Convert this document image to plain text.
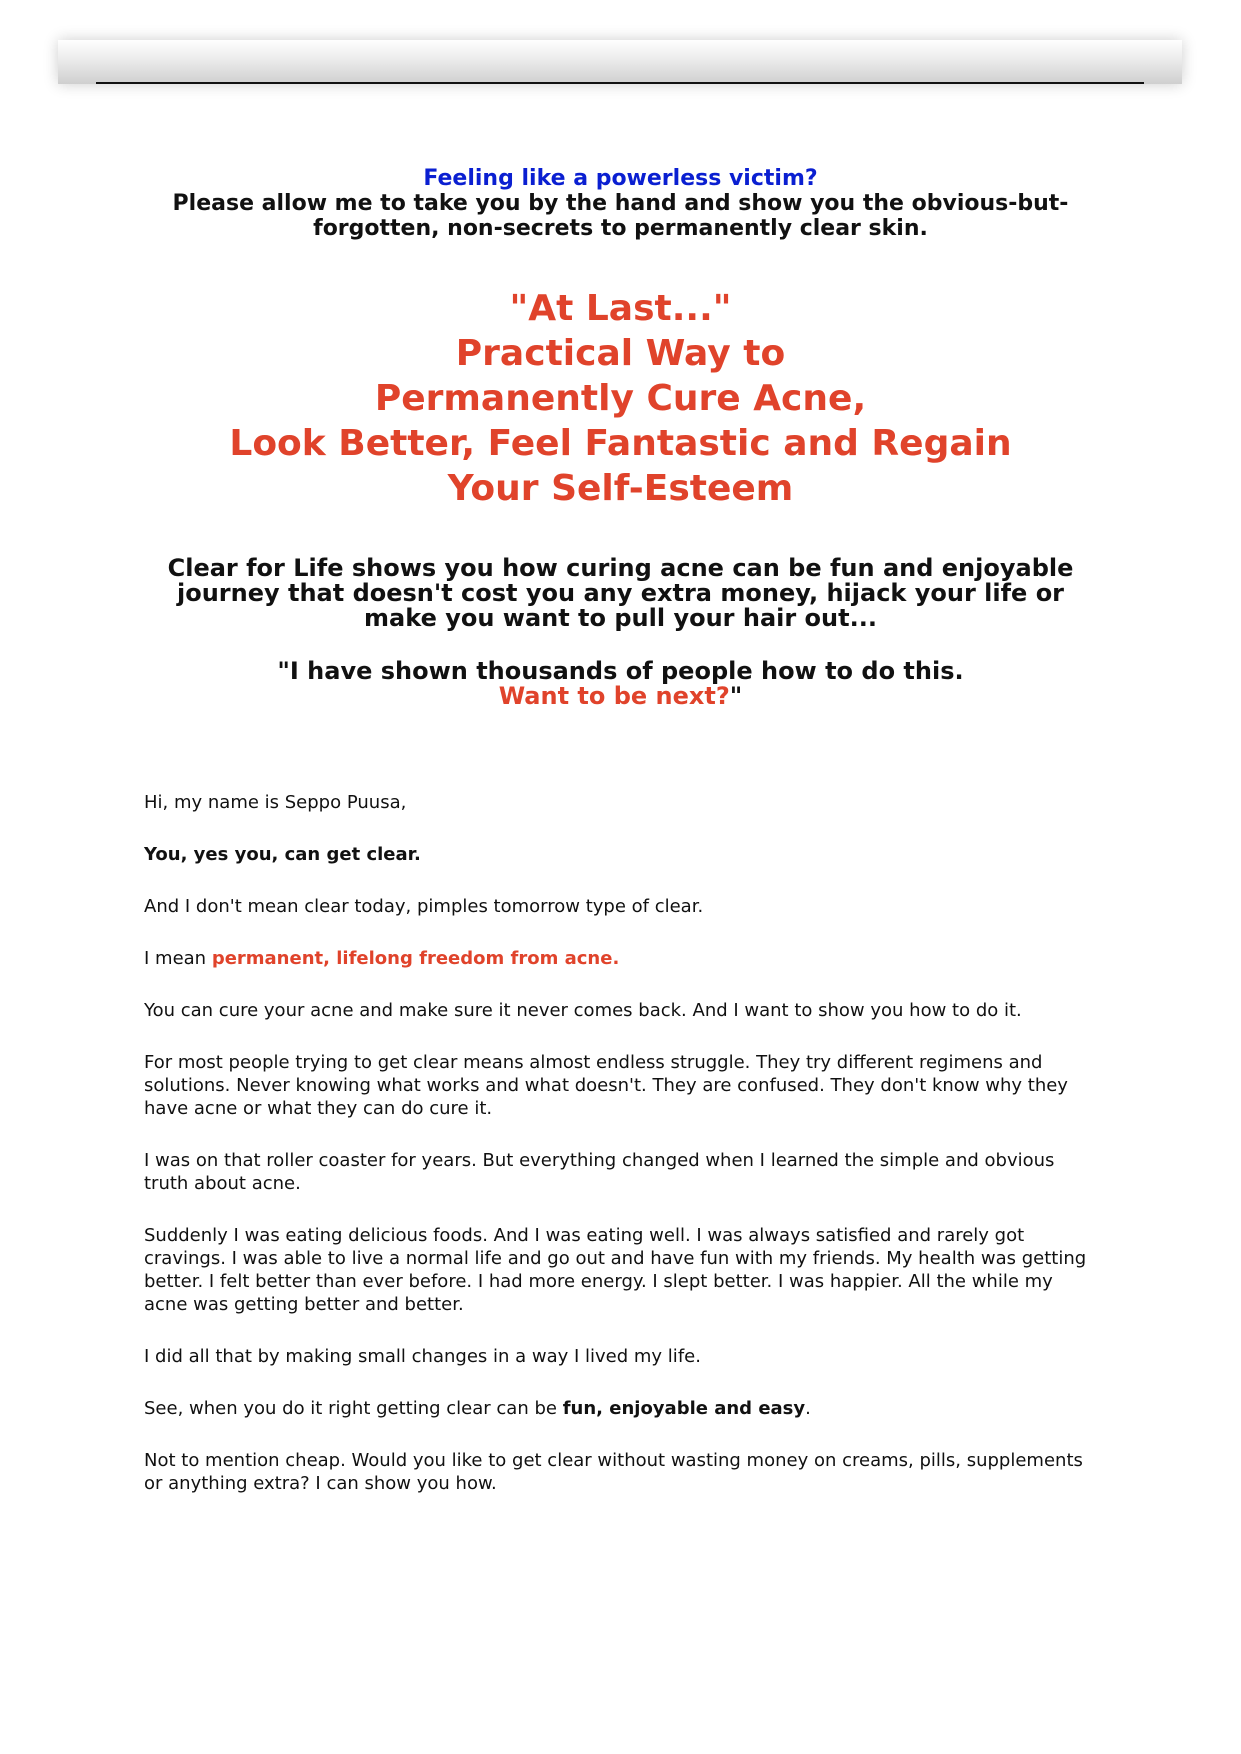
Feeling like a powerless victim?
Please allow me to take you by the hand and show you the obvious-but-forgotten, non-secrets to permanently clear skin.
"At Last..."
Practical Way to
Permanently Cure Acne,
Look Better, Feel Fantastic and Regain
Your Self-Esteem
Clear for Life shows you how curing acne can be fun and enjoyable journey that doesn't cost you any extra money, hijack your life or make you want to pull your hair out...
"I have shown thousands of people how to do this.
Want to be next?"

Hi, my name is Seppo Puusa,

You, yes you, can get clear.

And I don't mean clear today, pimples tomorrow type of clear.

I mean permanent, lifelong freedom from acne.

You can cure your acne and make sure it never comes back. And I want to show you how to do it.

For most people trying to get clear means almost endless struggle. They try different regimens and solutions. Never knowing what works and what doesn't. They are confused. They don't know why they have acne or what they can do cure it.

I was on that roller coaster for years. But everything changed when I learned the simple and obvious truth about acne.

Suddenly I was eating delicious foods. And I was eating well. I was always satisfied and rarely got cravings. I was able to live a normal life and go out and have fun with my friends. My health was getting better. I felt better than ever before. I had more energy. I slept better. I was happier. All the while my acne was getting better and better.

I did all that by making small changes in a way I lived my life.

See, when you do it right getting clear can be fun, enjoyable and easy.

Not to mention cheap. Would you like to get clear without wasting money on creams, pills, supplements or anything extra? I can show you how.
